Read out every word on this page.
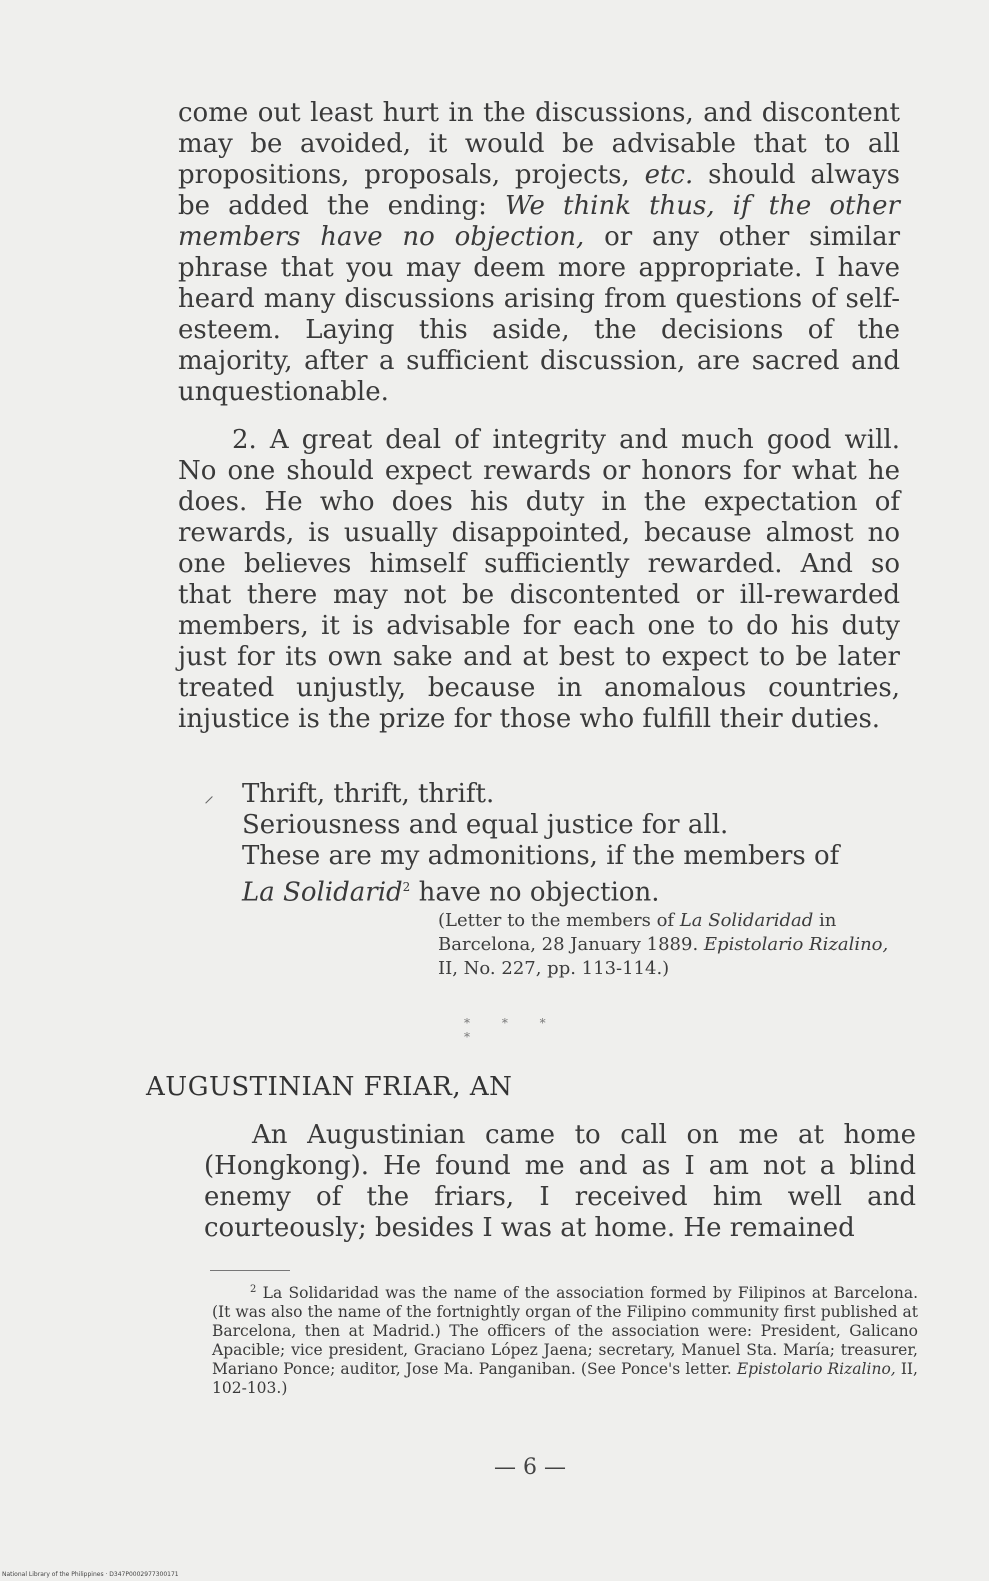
come out least hurt in the discussions, and discontent may be avoided, it would be advisable that to all propositions, proposals, projects, etc. should always be added the ending: We think thus, if the other members have no objection, or any other similar phrase that you may deem more appropriate. I have heard many discussions arising from questions of self-esteem. Laying this aside, the decisions of the majority, after a sufficient discussion, are sacred and unquestionable.

2. A great deal of integrity and much good will. No one should expect rewards or honors for what he does. He who does his duty in the expectation of rewards, is usually disappointed, because almost no one believes himself sufficiently rewarded. And so that there may not be discontented or ill-rewarded members, it is advisable for each one to do his duty just for its own sake and at best to expect to be later treated unjustly, because in anomalous countries, injustice is the prize for those who fulfill their duties.

⸝ Thrift, thrift, thrift.
Seriousness and equal justice for all.
These are my admonitions, if the members of
La Solidarid$^2$ have no objection.
(Letter to the members of La Solidaridad in Barcelona, 28 January 1889. Epistolario Rizalino, II, No. 227, pp. 113-114.)
* * * *
AUGUSTINIAN FRIAR, AN

An Augustinian came to call on me at home (Hongkong). He found me and as I am not a blind enemy of the friars, I received him well and courteously; besides I was at home. He remained

$^2$ La Solidaridad was the name of the association formed by Filipinos at Barcelona. (It was also the name of the fortnightly organ of the Filipino community first published at Barcelona, then at Madrid.) The officers of the association were: President, Galicano Apacible; vice president, Graciano López Jaena; secretary, Manuel Sta. María; treasurer, Mariano Ponce; auditor, Jose Ma. Panganiban. (See Ponce's letter. Epistolario Rizalino, II, 102-103.)

— 6 —
National Library of the Philippines · D347P0002977300171
